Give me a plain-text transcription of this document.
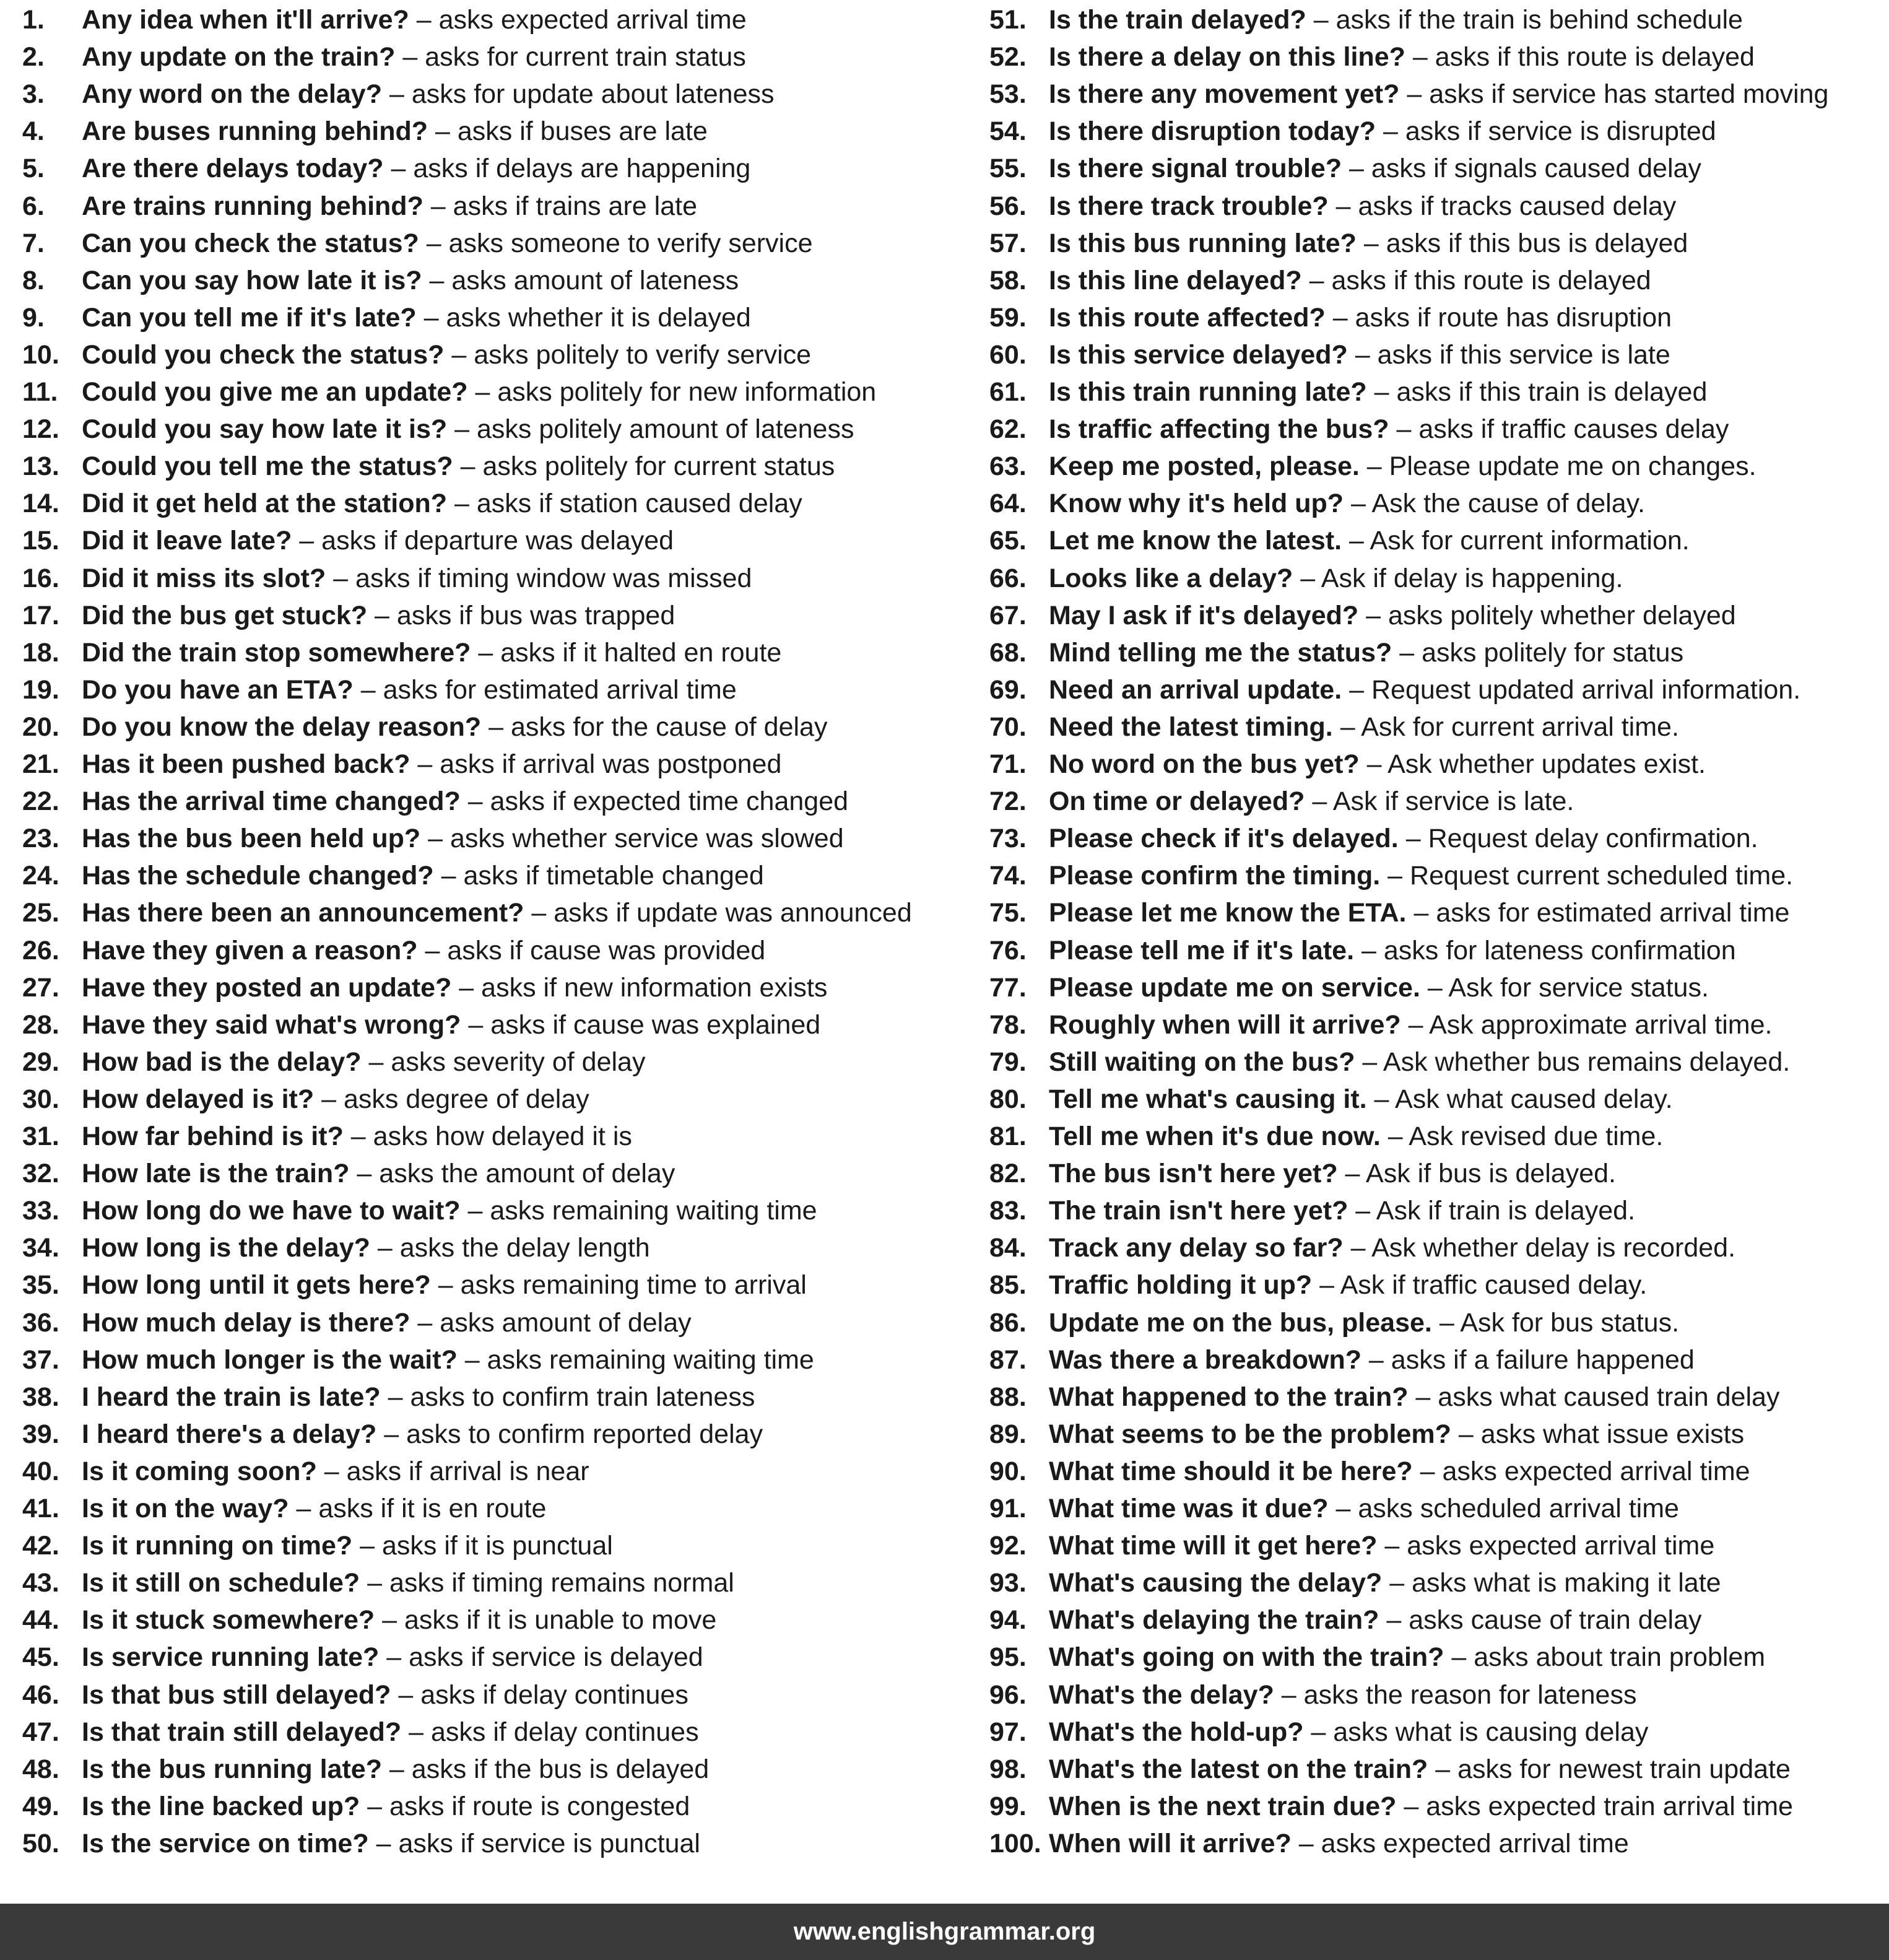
1. Any idea when it'll arrive? – asks expected arrival time
2. Any update on the train? – asks for current train status
3. Any word on the delay? – asks for update about lateness
4. Are buses running behind? – asks if buses are late
5. Are there delays today? – asks if delays are happening
6. Are trains running behind? – asks if trains are late
7. Can you check the status? – asks someone to verify service
8. Can you say how late it is? – asks amount of lateness
9. Can you tell me if it's late? – asks whether it is delayed
10. Could you check the status? – asks politely to verify service
11. Could you give me an update? – asks politely for new information
12. Could you say how late it is? – asks politely amount of lateness
13. Could you tell me the status? – asks politely for current status
14. Did it get held at the station? – asks if station caused delay
15. Did it leave late? – asks if departure was delayed
16. Did it miss its slot? – asks if timing window was missed
17. Did the bus get stuck? – asks if bus was trapped
18. Did the train stop somewhere? – asks if it halted en route
19. Do you have an ETA? – asks for estimated arrival time
20. Do you know the delay reason? – asks for the cause of delay
21. Has it been pushed back? – asks if arrival was postponed
22. Has the arrival time changed? – asks if expected time changed
23. Has the bus been held up? – asks whether service was slowed
24. Has the schedule changed? – asks if timetable changed
25. Has there been an announcement? – asks if update was announced
26. Have they given a reason? – asks if cause was provided
27. Have they posted an update? – asks if new information exists
28. Have they said what's wrong? – asks if cause was explained
29. How bad is the delay? – asks severity of delay
30. How delayed is it? – asks degree of delay
31. How far behind is it? – asks how delayed it is
32. How late is the train? – asks the amount of delay
33. How long do we have to wait? – asks remaining waiting time
34. How long is the delay? – asks the delay length
35. How long until it gets here? – asks remaining time to arrival
36. How much delay is there? – asks amount of delay
37. How much longer is the wait? – asks remaining waiting time
38. I heard the train is late? – asks to confirm train lateness
39. I heard there's a delay? – asks to confirm reported delay
40. Is it coming soon? – asks if arrival is near
41. Is it on the way? – asks if it is en route
42. Is it running on time? – asks if it is punctual
43. Is it still on schedule? – asks if timing remains normal
44. Is it stuck somewhere? – asks if it is unable to move
45. Is service running late? – asks if service is delayed
46. Is that bus still delayed? – asks if delay continues
47. Is that train still delayed? – asks if delay continues
48. Is the bus running late? – asks if the bus is delayed
49. Is the line backed up? – asks if route is congested
50. Is the service on time? – asks if service is punctual
51. Is the train delayed? – asks if the train is behind schedule
52. Is there a delay on this line? – asks if this route is delayed
53. Is there any movement yet? – asks if service has started moving
54. Is there disruption today? – asks if service is disrupted
55. Is there signal trouble? – asks if signals caused delay
56. Is there track trouble? – asks if tracks caused delay
57. Is this bus running late? – asks if this bus is delayed
58. Is this line delayed? – asks if this route is delayed
59. Is this route affected? – asks if route has disruption
60. Is this service delayed? – asks if this service is late
61. Is this train running late? – asks if this train is delayed
62. Is traffic affecting the bus? – asks if traffic causes delay
63. Keep me posted, please. – Please update me on changes.
64. Know why it's held up? – Ask the cause of delay.
65. Let me know the latest. – Ask for current information.
66. Looks like a delay? – Ask if delay is happening.
67. May I ask if it's delayed? – asks politely whether delayed
68. Mind telling me the status? – asks politely for status
69. Need an arrival update. – Request updated arrival information.
70. Need the latest timing. – Ask for current arrival time.
71. No word on the bus yet? – Ask whether updates exist.
72. On time or delayed? – Ask if service is late.
73. Please check if it's delayed. – Request delay confirmation.
74. Please confirm the timing. – Request current scheduled time.
75. Please let me know the ETA. – asks for estimated arrival time
76. Please tell me if it's late. – asks for lateness confirmation
77. Please update me on service. – Ask for service status.
78. Roughly when will it arrive? – Ask approximate arrival time.
79. Still waiting on the bus? – Ask whether bus remains delayed.
80. Tell me what's causing it. – Ask what caused delay.
81. Tell me when it's due now. – Ask revised due time.
82. The bus isn't here yet? – Ask if bus is delayed.
83. The train isn't here yet? – Ask if train is delayed.
84. Track any delay so far? – Ask whether delay is recorded.
85. Traffic holding it up? – Ask if traffic caused delay.
86. Update me on the bus, please. – Ask for bus status.
87. Was there a breakdown? – asks if a failure happened
88. What happened to the train? – asks what caused train delay
89. What seems to be the problem? – asks what issue exists
90. What time should it be here? – asks expected arrival time
91. What time was it due? – asks scheduled arrival time
92. What time will it get here? – asks expected arrival time
93. What's causing the delay? – asks what is making it late
94. What's delaying the train? – asks cause of train delay
95. What's going on with the train? – asks about train problem
96. What's the delay? – asks the reason for lateness
97. What's the hold-up? – asks what is causing delay
98. What's the latest on the train? – asks for newest train update
99. When is the next train due? – asks expected train arrival time
100. When will it arrive? – asks expected arrival time
www.englishgrammar.org
